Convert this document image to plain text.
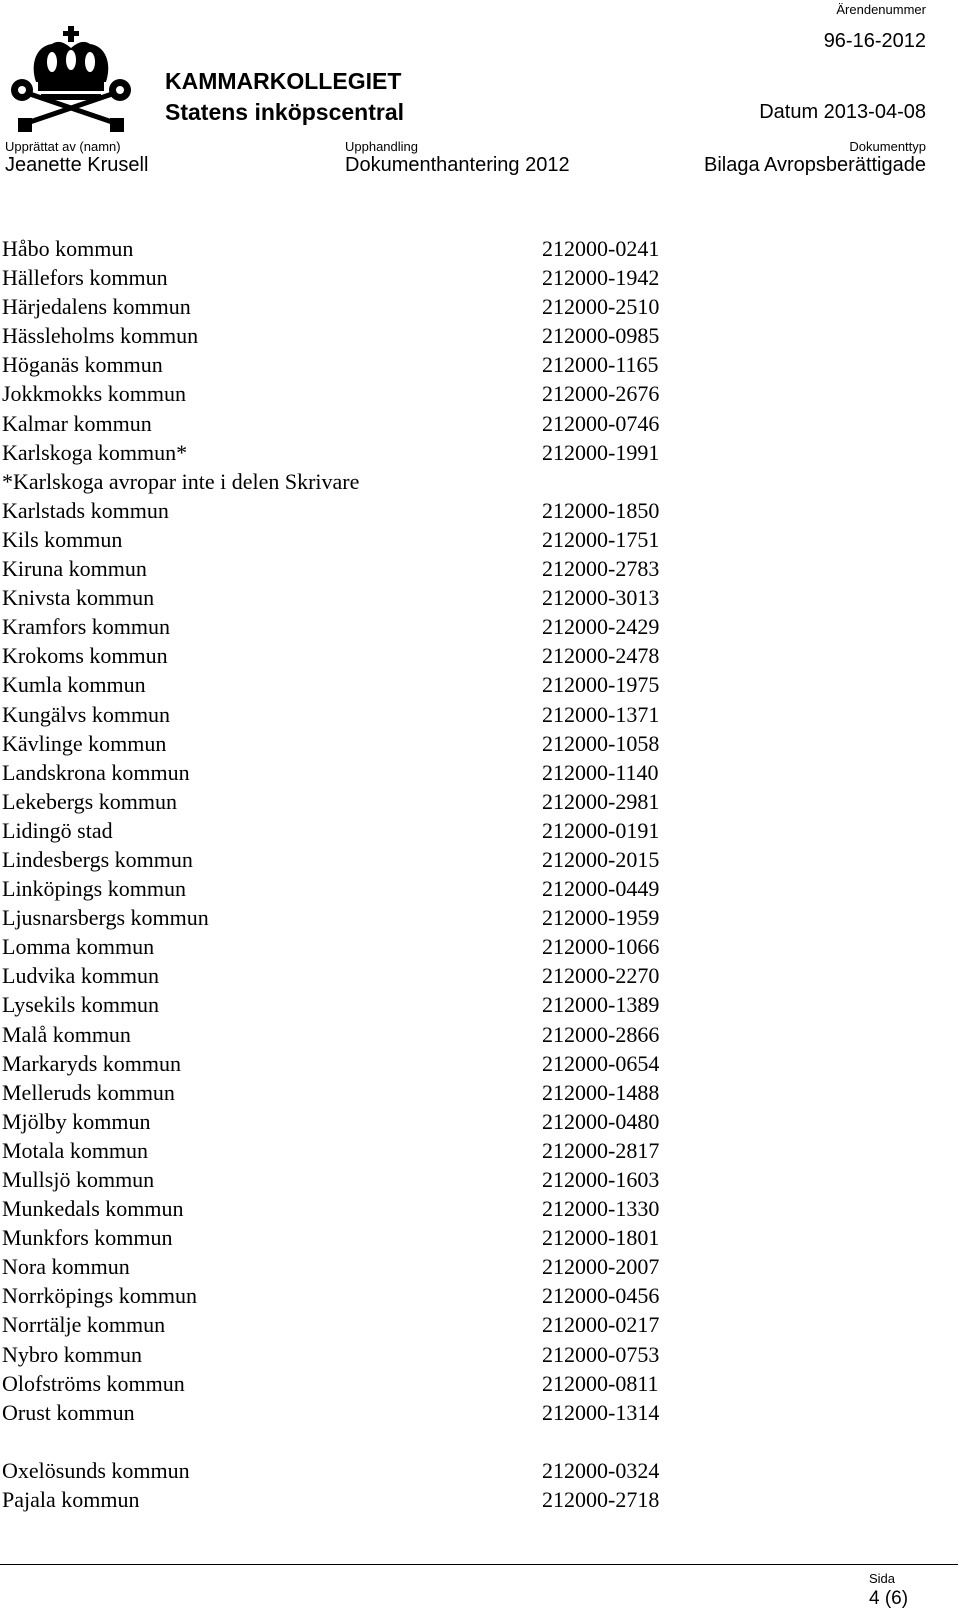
KAMMARKOLLEGIET
Statens inköpscentral
Ärendenummer
96-16-2012
Datum 2013-04-08
Upprättat av (namn)
Jeanette Krusell
Upphandling
Dokumenthantering 2012
Dokumenttyp
Bilaga Avropsberättigade
Håbo kommun	212000-0241
Hällefors kommun	212000-1942
Härjedalens kommun	212000-2510
Hässleholms kommun	212000-0985
Höganäs kommun	212000-1165
Jokkmokks kommun	212000-2676
Kalmar kommun	212000-0746
Karlskoga kommun*	212000-1991
*Karlskoga avropar inte i delen Skrivare
Karlstads kommun	212000-1850
Kils kommun	212000-1751
Kiruna kommun	212000-2783
Knivsta kommun	212000-3013
Kramfors kommun	212000-2429
Krokoms kommun	212000-2478
Kumla kommun	212000-1975
Kungälvs kommun	212000-1371
Kävlinge kommun	212000-1058
Landskrona kommun	212000-1140
Lekebergs kommun	212000-2981
Lidingö stad	212000-0191
Lindesbergs kommun	212000-2015
Linköpings kommun	212000-0449
Ljusnarsbergs kommun	212000-1959
Lomma kommun	212000-1066
Ludvika kommun	212000-2270
Lysekils kommun	212000-1389
Malå kommun	212000-2866
Markaryds kommun	212000-0654
Melleruds kommun	212000-1488
Mjölby kommun	212000-0480
Motala kommun	212000-2817
Mullsjö kommun	212000-1603
Munkedals kommun	212000-1330
Munkfors kommun	212000-1801
Nora kommun	212000-2007
Norrköpings kommun	212000-0456
Norrtälje kommun	212000-0217
Nybro kommun	212000-0753
Olofströms kommun	212000-0811
Orust kommun	212000-1314
Oxelösunds kommun	212000-0324
Pajala kommun	212000-2718
Sida
4 (6)
